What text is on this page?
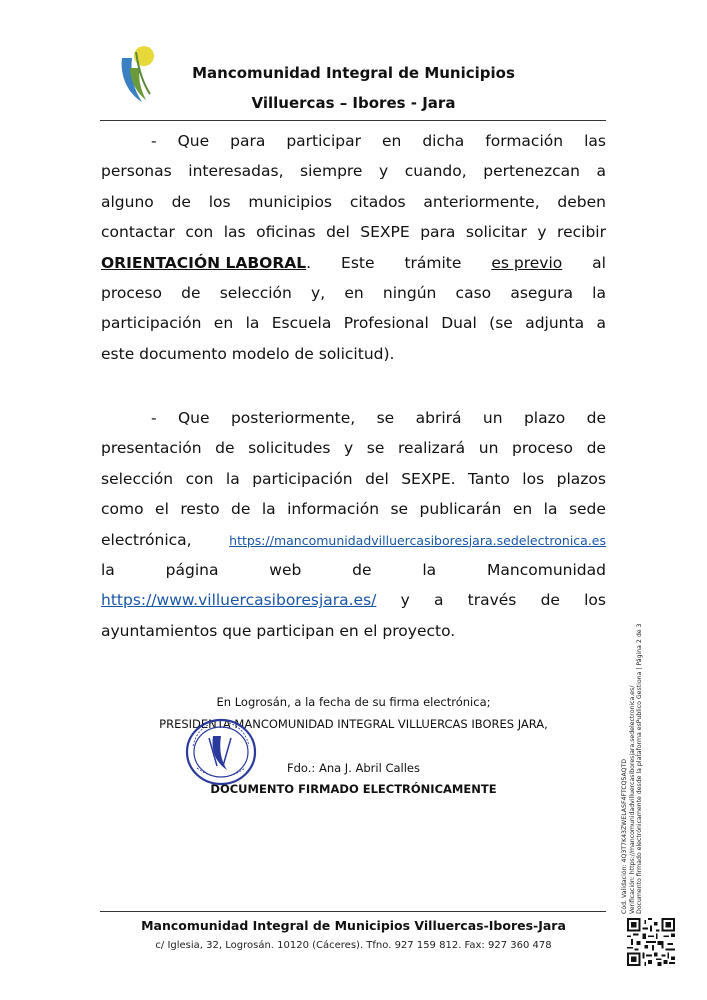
Mancomunidad Integral de Municipios
Villuercas – Ibores - Jara
- Que para participar en dicha formación las
personas interesadas, siempre y cuando, pertenezcan a
alguno de los municipios citados anteriormente, deben
contactar con las oficinas del SEXPE para solicitar y recibir
ORIENTACIÓN LABORAL. Este trámite es previo al
proceso de selección y, en ningún caso asegura la
participación en la Escuela Profesional Dual (se adjunta a
este documento modelo de solicitud).
- Que posteriormente, se abrirá un plazo de
presentación de solicitudes y se realizará un proceso de
selección con la participación del SEXPE. Tanto los plazos
como el resto de la información se publicarán en la sede
electrónica,	https://mancomunidadvilluercasiboresjara.sedelectronica.es
la	página	web	de	la	Mancomunidad
https://www.villuercasiboresjara.es/ y a través de los
ayuntamientos que participan en el proyecto.
En Logrosán, a la fecha de su firma electrónica;
PRESIDENTA MANCOMUNIDAD INTEGRAL VILLUERCAS IBORES JARA,
Fdo.: Ana J. Abril Calles
DOCUMENTO FIRMADO ELECTRÓNICAMENTE	Cód. Validación: 4Q3T7K43ZWELASF4FTCQ5AQTD Verificación: https://mancomunidadvilluercasiboresjara.sedelectronica.es/ Documento firmado electrónicamente desde la plataforma esPublico Gestiona | Página 2 de 3
Mancomunidad Integral de Municipios Villuercas-Ibores-Jara
c/ Iglesia, 32, Logrosán. 10120 (Cáceres). Tfno. 927 159 812. Fax: 927 360 478
